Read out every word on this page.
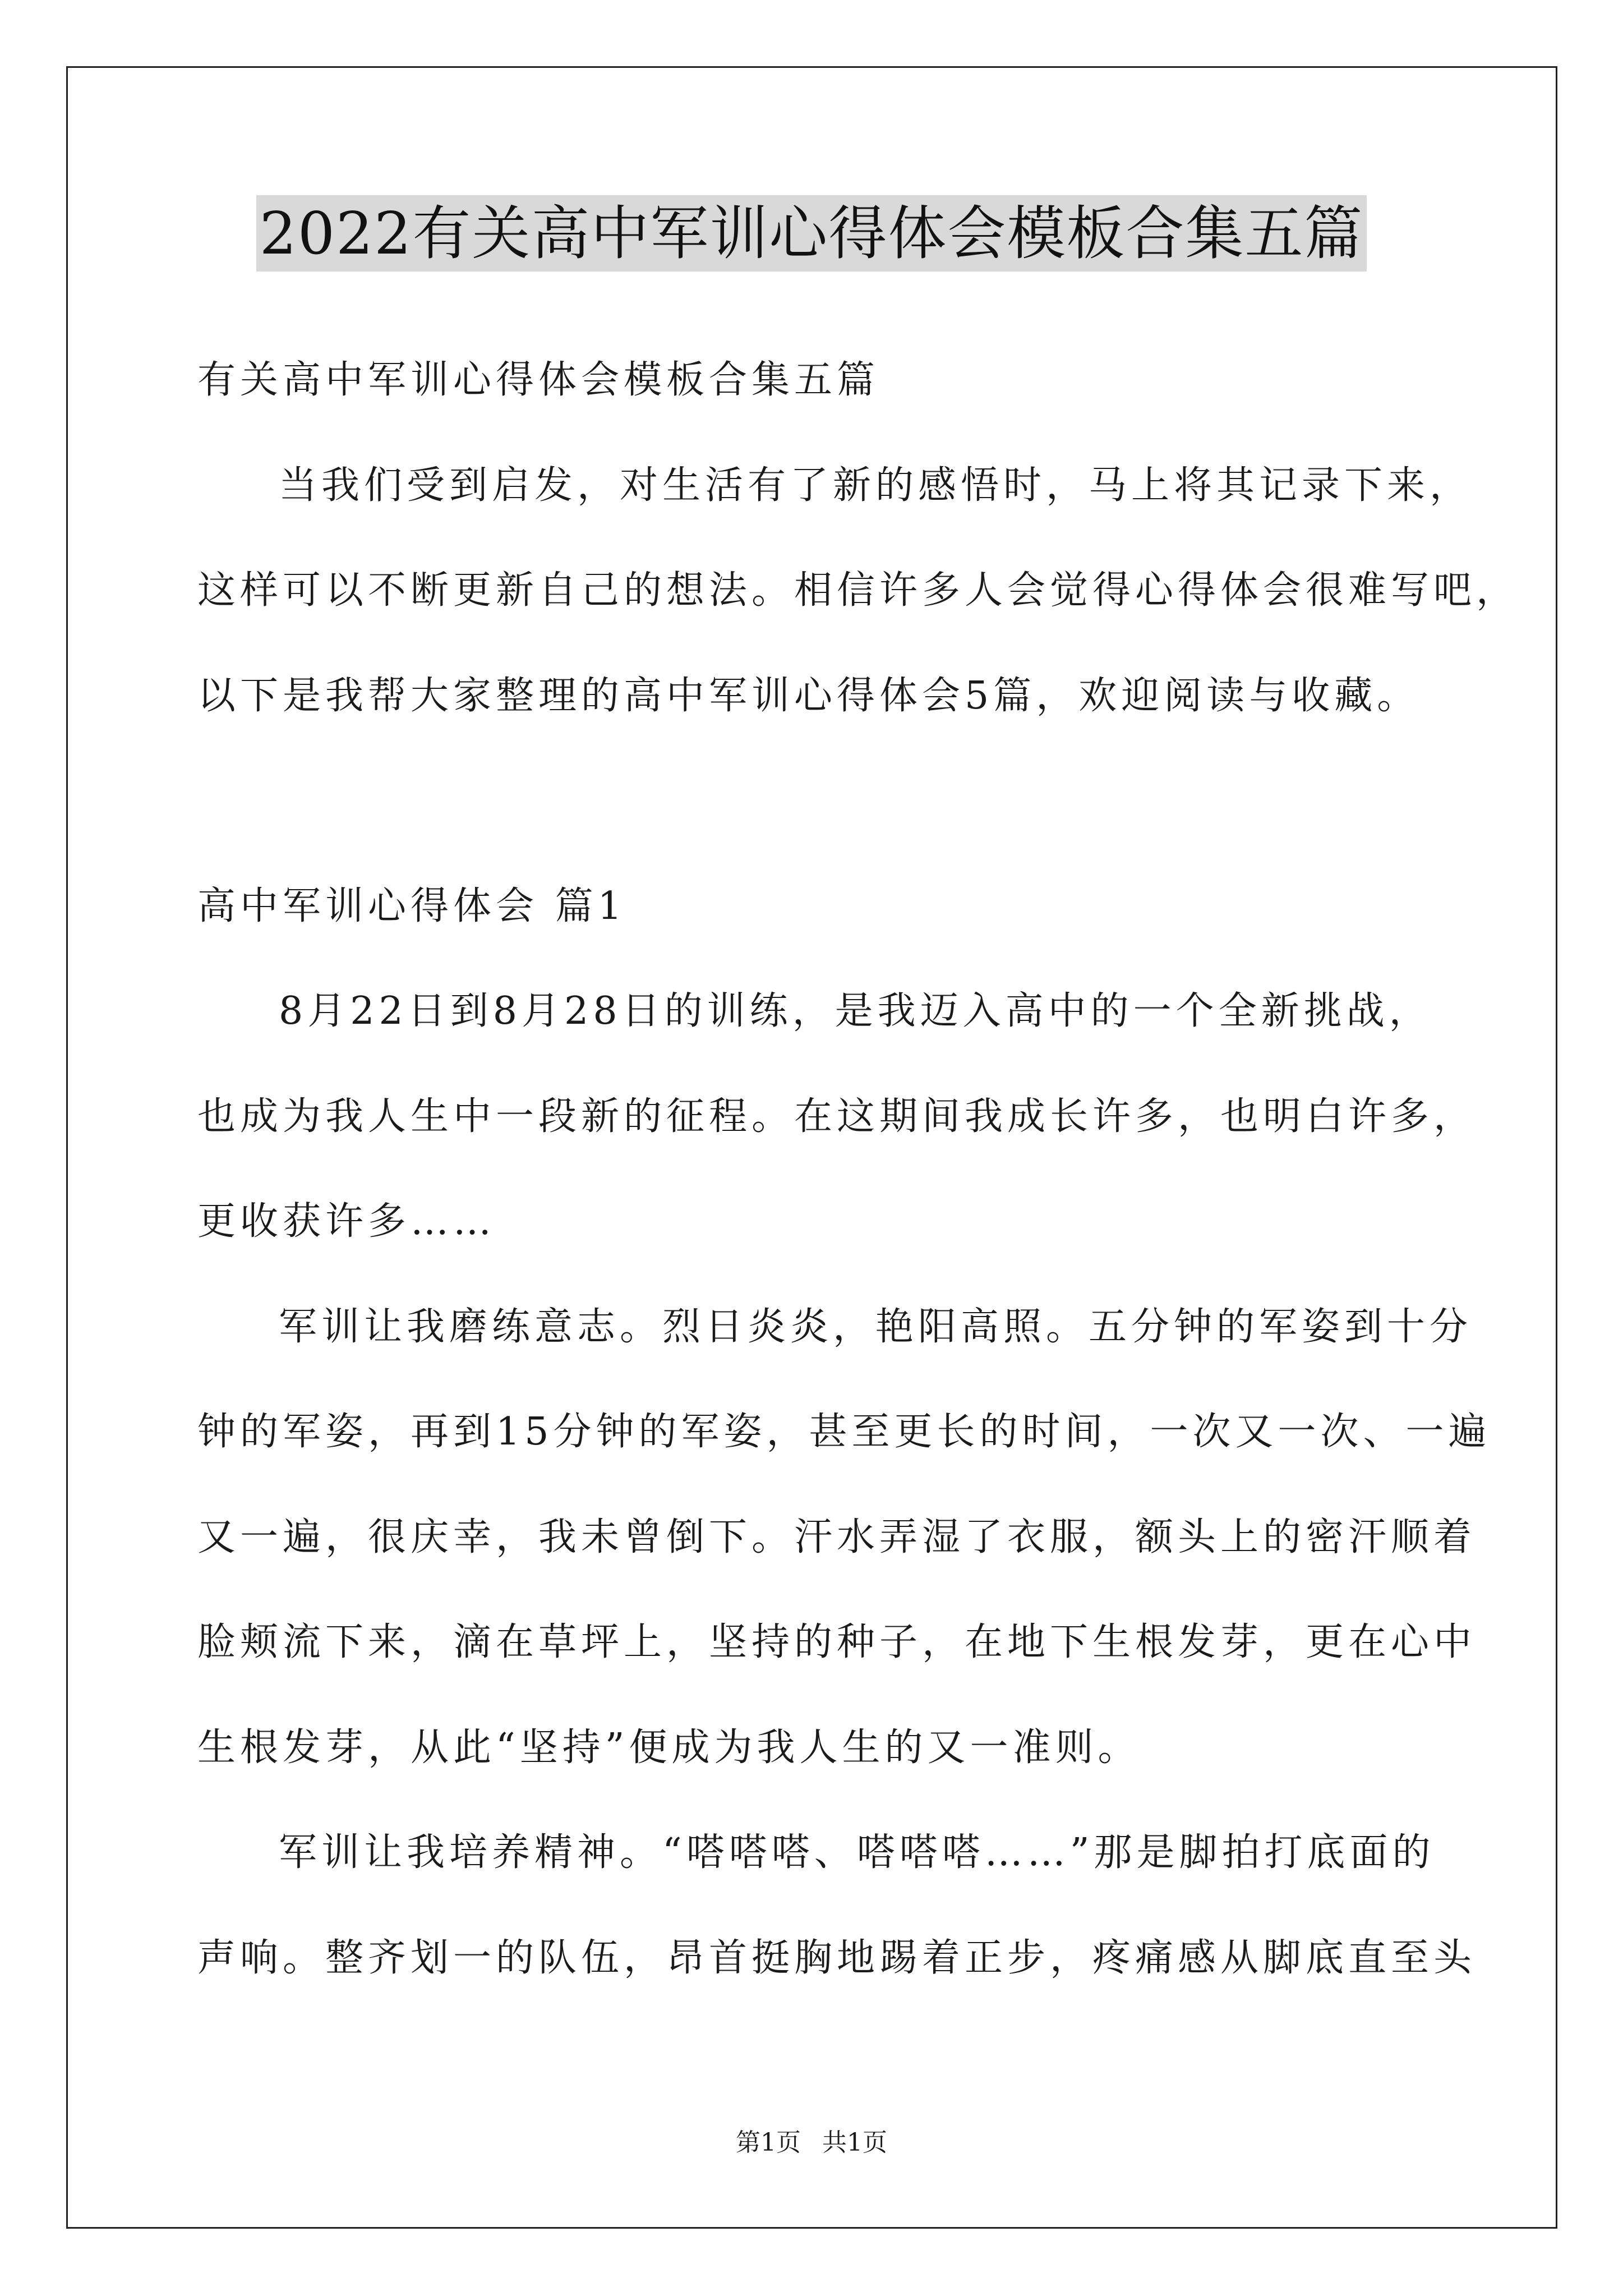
2022有关高中军训心得体会模板合集五篇
有关高中军训心得体会模板合集五篇
当我们受到启发，对生活有了新的感悟时，马上将其记录下来，
这样可以不断更新自己的想法。相信许多人会觉得心得体会很难写吧，
以下是我帮大家整理的高中军训心得体会5篇，欢迎阅读与收藏。
高中军训心得体会 篇1
8月22日到8月28日的训练，是我迈入高中的一个全新挑战，
也成为我人生中一段新的征程。在这期间我成长许多，也明白许多，
更收获许多……
军训让我磨练意志。烈日炎炎，艳阳高照。五分钟的军姿到十分
钟的军姿，再到15分钟的军姿，甚至更长的时间，一次又一次、一遍
又一遍，很庆幸，我未曾倒下。汗水弄湿了衣服，额头上的密汗顺着
脸颊流下来，滴在草坪上，坚持的种子，在地下生根发芽，更在心中
生根发芽，从此“坚持”便成为我人生的又一准则。
军训让我培养精神。“嗒嗒嗒、嗒嗒嗒……”那是脚拍打底面的
声响。整齐划一的队伍，昂首挺胸地踢着正步，疼痛感从脚底直至头
第1页 共1页
